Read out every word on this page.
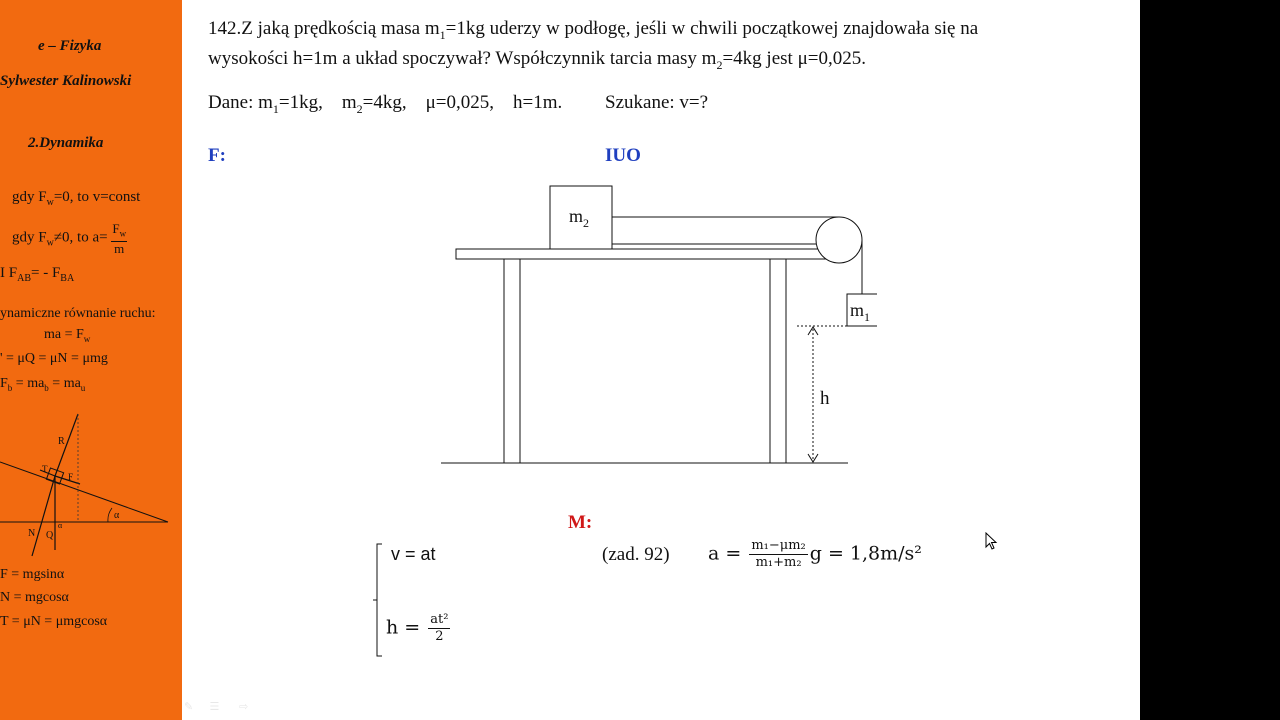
e – Fizyka
Sylwester Kalinowski
2.Dynamika
gdy $F_w=0$, to v=const
gdy $F_w\ne 0$, to $a= \frac{F_w}{m}$
I $F_{AB}= - F_{BA}$
ynamiczne równanie ruchu:
ma = $F_w$
' = μQ = μN = μmg
$F_b = ma_b = ma_u$
R
T
F
N Q
α
α
F = mgsinα
N = mgcosα
T = μN = μmgcosα
142.Z jaką prędkością masa $m_1=1kg$ uderzy w podłogę, jeśli w chwili początkowej znajdowała się na
wysokości h=1m a układ spoczywał? Współczynnik tarcia masy $m_2=4kg$ jest μ=0,025.
Dane: $m_1=1kg$, $m_2=4kg$, μ=0,025, h=1m. Szukane: v=?
F:	IUO
$m_2$
$m_1$
h
M:
v = at	(zad. 92) $a = \frac{\text{m₁−μm₂}}{\text{m₁+m₂}}$ g = 1,8m/s²
$h = \frac{\text{at²}}{2}$
✎ ☰ ⇨
